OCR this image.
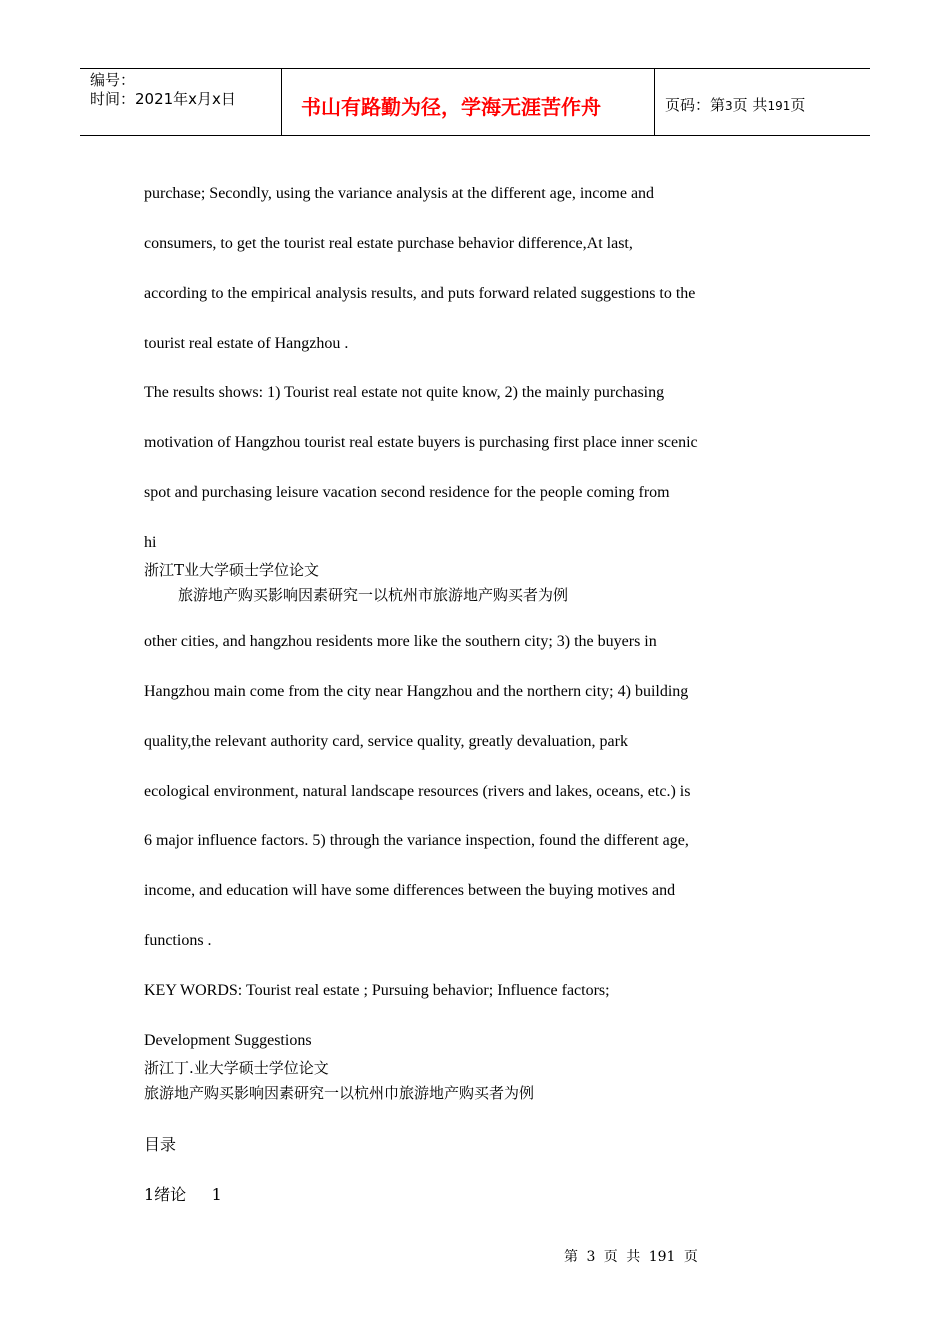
编号：
时间：2021年x月x日	书山有路勤为径，学海无涯苦作舟	页码：第3页 共191页
purchase; Secondly, using the variance analysis at the different age, income and
consumers, to get the tourist real estate purchase behavior difference,At last,
according to the empirical analysis results, and puts forward related suggestions to the
tourist real estate of Hangzhou .
The results shows: 1) Tourist real estate not quite know, 2) the mainly purchasing
motivation of Hangzhou tourist real estate buyers is purchasing first place inner scenic
spot and purchasing leisure vacation second residence for the people coming from
hi
浙江T业大学硕士学位论文
旅游地产购买影响因素研究一以杭州市旅游地产购买者为例
other cities, and hangzhou residents more like the southern city; 3) the buyers in
Hangzhou main come from the city near Hangzhou and the northern city; 4) building
quality,the relevant authority card, service quality, greatly devaluation, park
ecological environment, natural landscape resources (rivers and lakes, oceans, etc.) is
6 major influence factors. 5) through the variance inspection, found the different age,
income, and education will have some differences between the buying motives and
functions .
KEY WORDS: Tourist real estate ; Pursuing behavior; Influence factors;
Development Suggestions
浙江丁.业大学硕士学位论文
旅游地产购买影响因素研究一以杭州巾旅游地产购买者为例
目录
1绪论     1
第 3 页 共 191 页
